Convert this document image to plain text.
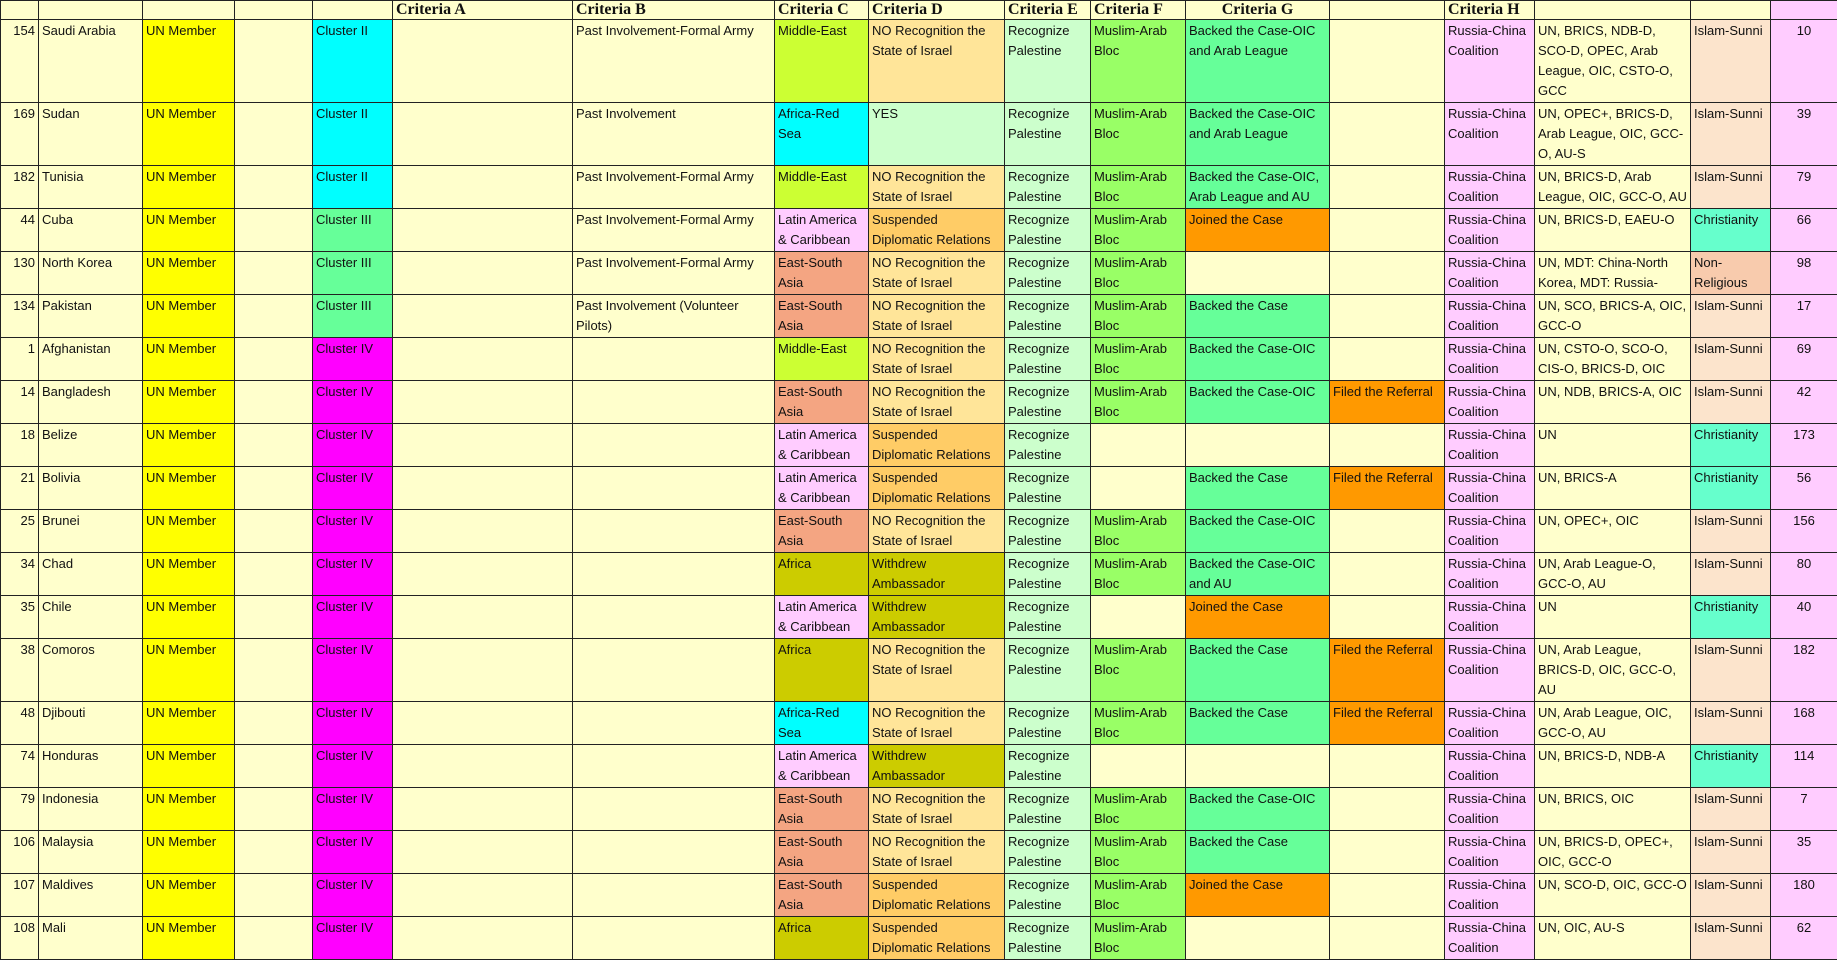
					Criteria A	Criteria B	Criteria C	Criteria D	Criteria E	Criteria F	Criteria G		Criteria H			
154	Saudi Arabia	UN Member		Cluster II		Past Involvement-Formal Army	Middle-East	NO Recognition the State of Israel	Recognize Palestine	Muslim-Arab Bloc	Backed the Case-OIC and Arab League		Russia-China Coalition	UN, BRICS, NDB-D, SCO-D, OPEC, Arab League, OIC, CSTO-O, GCC	Islam-Sunni	10
169	Sudan	UN Member		Cluster II		Past Involvement	Africa-Red Sea	YES	Recognize Palestine	Muslim-Arab Bloc	Backed the Case-OIC and Arab League		Russia-China Coalition	UN, OPEC+, BRICS-D, Arab League, OIC, GCC-O, AU-S	Islam-Sunni	39
182	Tunisia	UN Member		Cluster II		Past Involvement-Formal Army	Middle-East	NO Recognition the State of Israel	Recognize Palestine	Muslim-Arab Bloc	Backed the Case-OIC, Arab League and AU		Russia-China Coalition	UN, BRICS-D, Arab League, OIC, GCC-O, AU	Islam-Sunni	79
44	Cuba	UN Member		Cluster III		Past Involvement-Formal Army	Latin America & Caribbean	Suspended Diplomatic Relations	Recognize Palestine	Muslim-Arab Bloc	Joined the Case		Russia-China Coalition	UN, BRICS-D, EAEU-O	Christianity	66
130	North Korea	UN Member		Cluster III		Past Involvement-Formal Army	East-South Asia	NO Recognition the State of Israel	Recognize Palestine	Muslim-Arab Bloc			Russia-China Coalition	UN, MDT: China-North Korea, MDT: Russia-	Non-Religious	98
134	Pakistan	UN Member		Cluster III		Past Involvement (Volunteer Pilots)	East-South Asia	NO Recognition the State of Israel	Recognize Palestine	Muslim-Arab Bloc	Backed the Case		Russia-China Coalition	UN, SCO, BRICS-A, OIC, GCC-O	Islam-Sunni	17
1	Afghanistan	UN Member		Cluster IV			Middle-East	NO Recognition the State of Israel	Recognize Palestine	Muslim-Arab Bloc	Backed the Case-OIC		Russia-China Coalition	UN, CSTO-O, SCO-O, CIS-O, BRICS-D, OIC	Islam-Sunni	69
14	Bangladesh	UN Member		Cluster IV			East-South Asia	NO Recognition the State of Israel	Recognize Palestine	Muslim-Arab Bloc	Backed the Case-OIC	Filed the Referral	Russia-China Coalition	UN, NDB, BRICS-A, OIC	Islam-Sunni	42
18	Belize	UN Member		Cluster IV			Latin America & Caribbean	Suspended Diplomatic Relations	Recognize Palestine				Russia-China Coalition	UN	Christianity	173
21	Bolivia	UN Member		Cluster IV			Latin America & Caribbean	Suspended Diplomatic Relations	Recognize Palestine		Backed the Case	Filed the Referral	Russia-China Coalition	UN, BRICS-A	Christianity	56
25	Brunei	UN Member		Cluster IV			East-South Asia	NO Recognition the State of Israel	Recognize Palestine	Muslim-Arab Bloc	Backed the Case-OIC		Russia-China Coalition	UN, OPEC+, OIC	Islam-Sunni	156
34	Chad	UN Member		Cluster IV			Africa	Withdrew Ambassador	Recognize Palestine	Muslim-Arab Bloc	Backed the Case-OIC and AU		Russia-China Coalition	UN, Arab League-O, GCC-O, AU	Islam-Sunni	80
35	Chile	UN Member		Cluster IV			Latin America & Caribbean	Withdrew Ambassador	Recognize Palestine		Joined the Case		Russia-China Coalition	UN	Christianity	40
38	Comoros	UN Member		Cluster IV			Africa	NO Recognition the State of Israel	Recognize Palestine	Muslim-Arab Bloc	Backed the Case	Filed the Referral	Russia-China Coalition	UN, Arab League, BRICS-D, OIC, GCC-O, AU	Islam-Sunni	182
48	Djibouti	UN Member		Cluster IV			Africa-Red Sea	NO Recognition the State of Israel	Recognize Palestine	Muslim-Arab Bloc	Backed the Case	Filed the Referral	Russia-China Coalition	UN, Arab League, OIC, GCC-O, AU	Islam-Sunni	168
74	Honduras	UN Member		Cluster IV			Latin America & Caribbean	Withdrew Ambassador	Recognize Palestine				Russia-China Coalition	UN, BRICS-D, NDB-A	Christianity	114
79	Indonesia	UN Member		Cluster IV			East-South Asia	NO Recognition the State of Israel	Recognize Palestine	Muslim-Arab Bloc	Backed the Case-OIC		Russia-China Coalition	UN, BRICS, OIC	Islam-Sunni	7
106	Malaysia	UN Member		Cluster IV			East-South Asia	NO Recognition the State of Israel	Recognize Palestine	Muslim-Arab Bloc	Backed the Case		Russia-China Coalition	UN, BRICS-D, OPEC+, OIC, GCC-O	Islam-Sunni	35
107	Maldives	UN Member		Cluster IV			East-South Asia	Suspended Diplomatic Relations	Recognize Palestine	Muslim-Arab Bloc	Joined the Case		Russia-China Coalition	UN, SCO-D, OIC, GCC-O	Islam-Sunni	180
108	Mali	UN Member		Cluster IV			Africa	Suspended Diplomatic Relations	Recognize Palestine	Muslim-Arab Bloc			Russia-China Coalition	UN, OIC, AU-S	Islam-Sunni	62
